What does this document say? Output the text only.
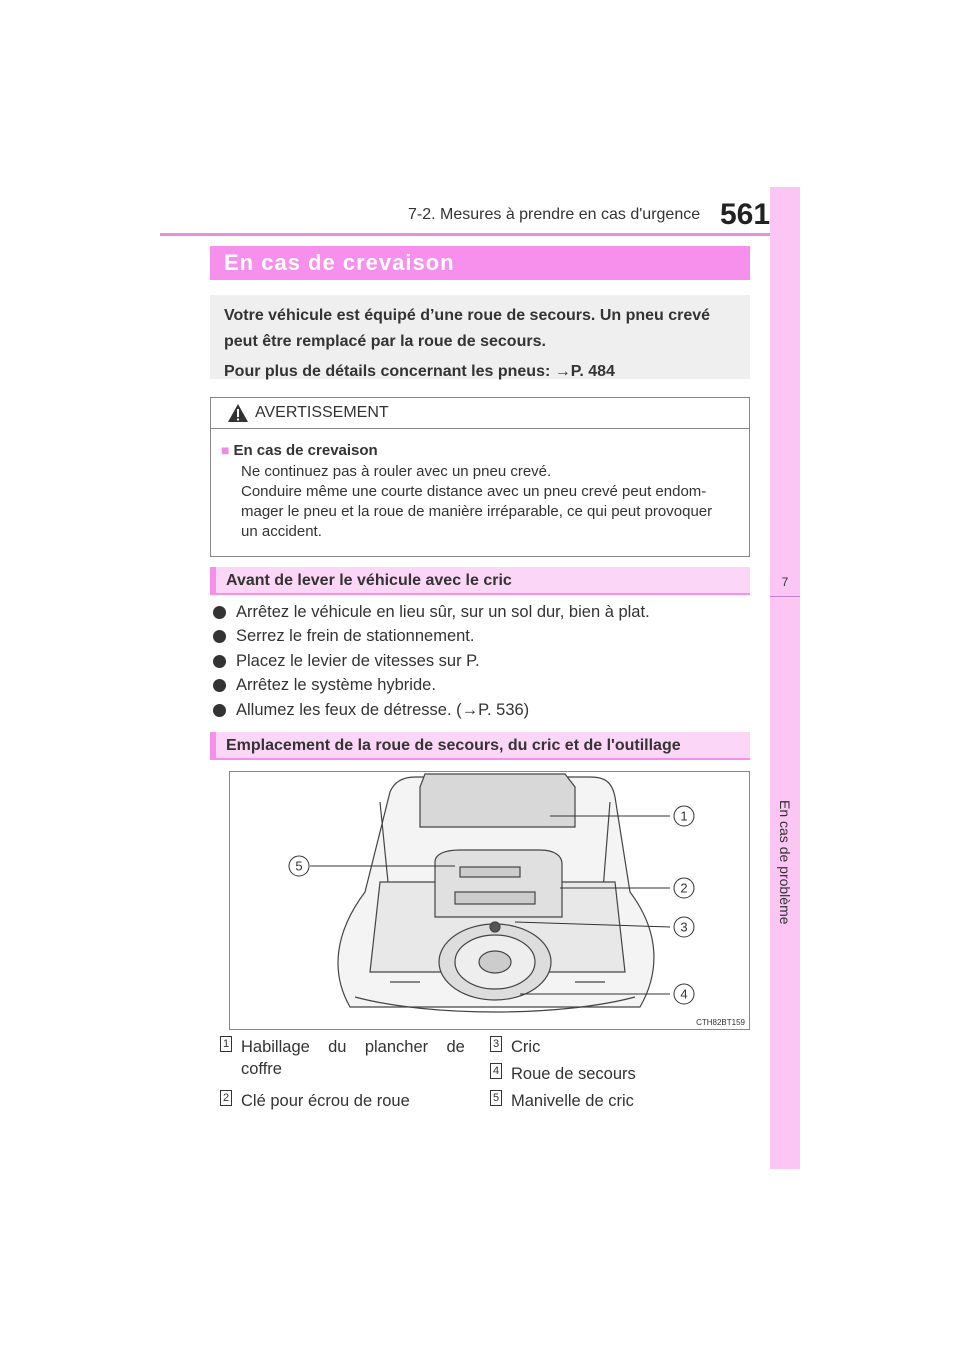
7-2. Mesures à prendre en cas d'urgence 561
7
En cas de problème
En cas de crevaison
Votre véhicule est équipé d’une roue de secours. Un pneu crevé
peut être remplacé par la roue de secours.
Pour plus de détails concernant les pneus: →P. 484
AVERTISSEMENT
■ En cas de crevaison
Ne continuez pas à rouler avec un pneu crevé.
Conduire même une courte distance avec un pneu crevé peut endom-
mager le pneu et la roue de manière irréparable, ce qui peut provoquer
un accident.
Avant de lever le véhicule avec le cric
Arrêtez le véhicule en lieu sûr, sur un sol dur, bien à plat.
Serrez le frein de stationnement.
Placez le levier de vitesses sur P.
Arrêtez le système hybride.
Allumez les feux de détresse. (→P. 536)
Emplacement de la roue de secours, du cric et de l'outillage
1
2
3
4
5
CTH82BT159
1 Habillage    du    plancher    de
coffre
2 Clé pour écrou de roue
3 Cric
4 Roue de secours
5 Manivelle de cric
